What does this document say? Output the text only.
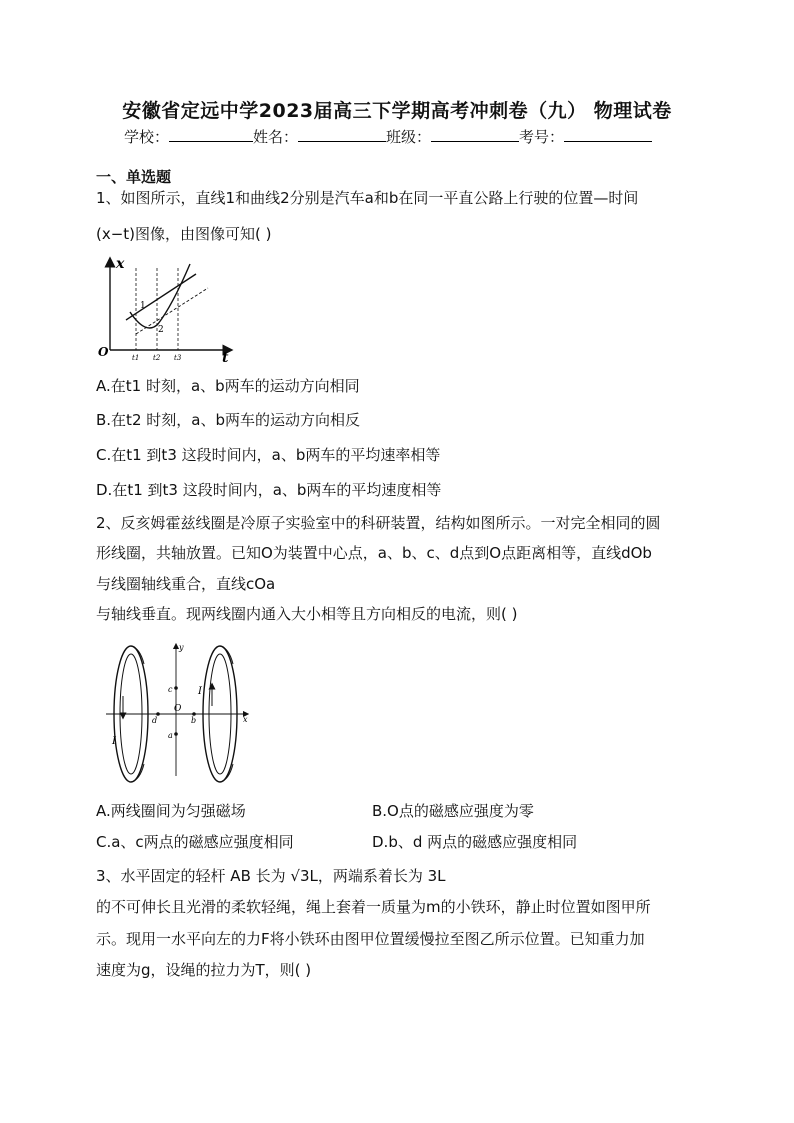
安徽省定远中学2023届高三下学期高考冲刺卷（九） 物理试卷
学校：	姓名：	班级：	考号：
一、单选题
1、如图所示，直线1和曲线2分别是汽车a和b在同一平直公路上行驶的位置—时间
(x−t)图像，由图像可知( )
x
t
O
1
2
t1 t2 t3
A.在t1 时刻，a、b两车的运动方向相同
B.在t2 时刻，a、b两车的运动方向相反
C.在t1 到t3 这段时间内，a、b两车的平均速率相等
D.在t1 到t3 这段时间内，a、b两车的平均速度相等
2、反亥姆霍兹线圈是冷原子实验室中的科研装置，结构如图所示。一对完全相同的圆
形线圈，共轴放置。已知O为装置中心点，a、b、c、d点到O点距离相等，直线dOb
与线圈轴线重合，直线cOa
与轴线垂直。现两线圈内通入大小相等且方向相反的电流，则( )
y
x
O
c
a
d	b
I
I
A.两线圈间为匀强磁场	B.O点的磁感应强度为零
C.a、c两点的磁感应强度相同	D.b、d 两点的磁感应强度相同
3、水平固定的轻杆 AB 长为 √3L，两端系着长为 3L
的不可伸长且光滑的柔软轻绳，绳上套着一质量为m的小铁环，静止时位置如图甲所
示。现用一水平向左的力F将小铁环由图甲位置缓慢拉至图乙所示位置。已知重力加
速度为g，设绳的拉力为T，则( )
